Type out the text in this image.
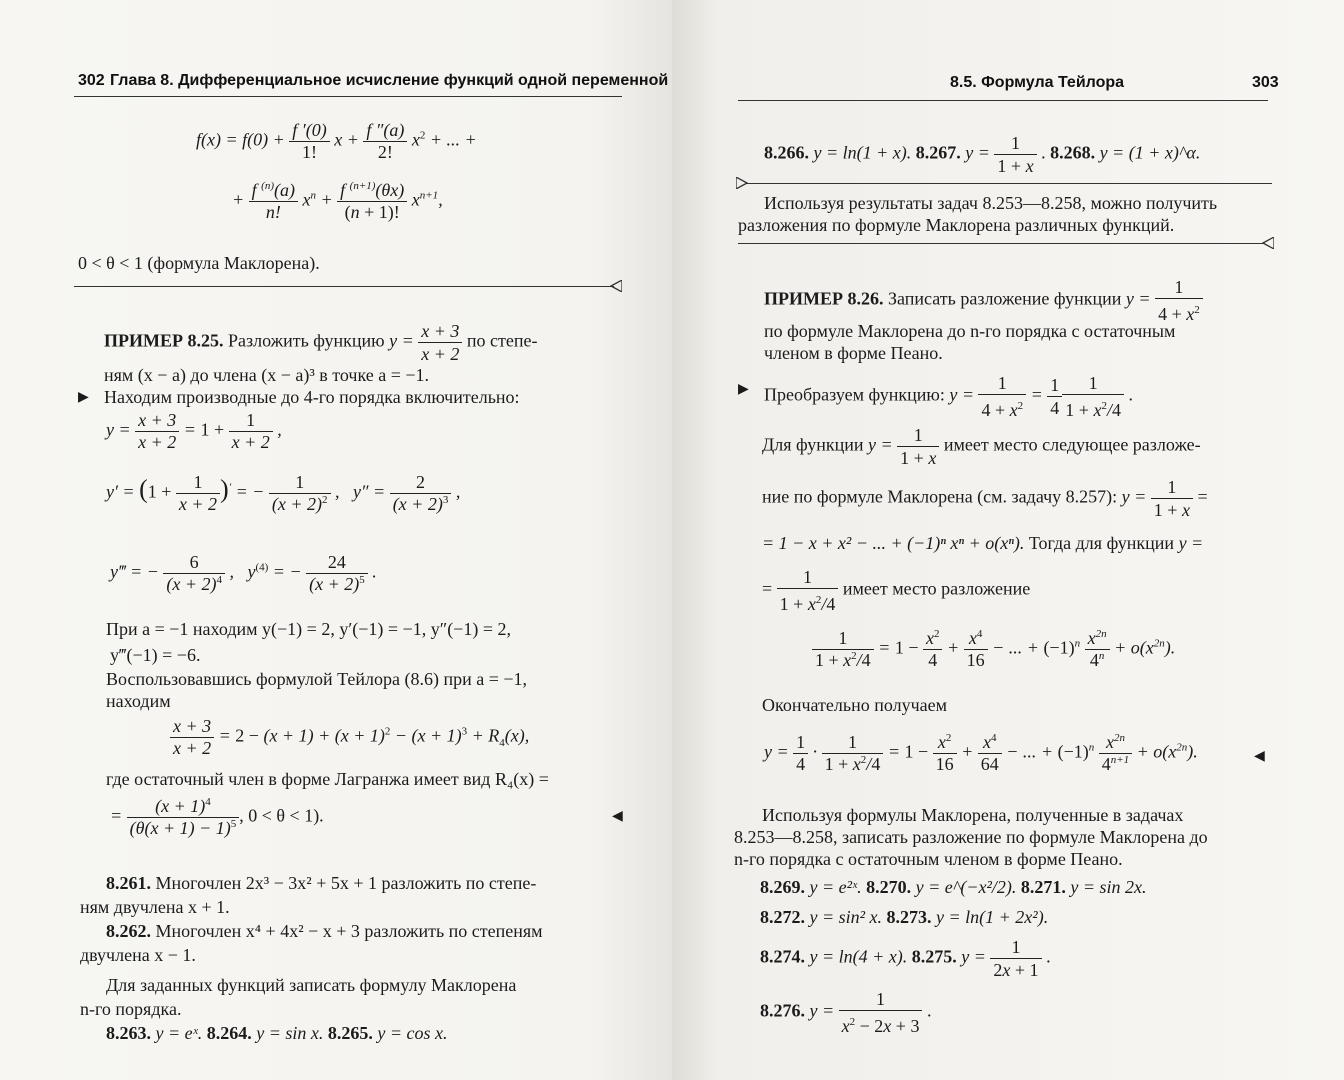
302 Глава 8. Дифференциальное исчисление функций одной переменной
$f(x) = f(0) + \frac{f '(0)}{1!}$ $x + \frac{f ''(a)}{2!} x^2$ + ... +
+ $\frac{f ^{(n)}(a)}{n!} x^n + \frac{f ^{(n+1)}(\theta x)}{(n + 1)!} x^{n+1}$,
0 < θ < 1 (формула Маклорена).
ПРИМЕР 8.25. Разложить функцию $y = \frac{x + 3}{x + 2}$ по степе-
ням (x − a) до члена (x − a)³ в точке a = −1.
▶ Находим производные до 4-го порядка включительно:
$y = \frac{x + 3}{x + 2} = 1 + \frac{1}{x + 2}$ ,
$y' = (1 + \frac{1}{x + 2} )'$ = − $\frac{1}{(x + 2)^2}$ ,   $y'' = \frac{2}{(x + 2)^3}$ ,
y‴ = − $\frac{6}{(x + 2)^4}$ ,   $y^{(4)}$ = − $\frac{24}{(x + 2)^5}$ .
При a = −1 находим y(−1) = 2, y′(−1) = −1, y″(−1) = 2,
y‴(−1) = −6.
Воспользовавшись формулой Тейлора (8.6) при a = −1,
находим
$\frac{x + 3}{x + 2} = 2 - (x + 1) + (x + 1)^2 - (x + 1)^3 + R_4(x)$,
где остаточный член в форме Лагранжа имеет вид R₄(x) =
= $\frac{(x + 1)^4}{(\theta(x + 1) - 1)^5}$ , 0 < θ < 1).	◀
8.261. Многочлен 2x³ − 3x² + 5x + 1 разложить по степе-
ням двучлена x + 1.
8.262. Многочлен x⁴ + 4x² − x + 3 разложить по степеням
двучлена x − 1.
Для заданных функций записать формулу Маклорена
n-го порядка.
8.263. y = eˣ. 8.264. y = sin x. 8.265. y = cos x.
8.5. Формула Тейлора	303
8.266. y = ln(1 + x). 8.267. $y = \frac{1}{1 + x}$ . 8.268. y = (1 + x)^α.
Используя результаты задач 8.253—8.258, можно получить
разложения по формуле Маклорена различных функций.
ПРИМЕР 8.26. Записать разложение функции $y = \frac{1}{4 + x^2}$
по формуле Маклорена до n-го порядка с остаточным
членом в форме Пеано.
▶ Преобразуем функцию: $y = \frac{1}{4 + x^2} = \frac{1}{4} \frac{1}{1 + x^2/4}$ .
Для функции $y = \frac{1}{1 + x}$ имеет место следующее разложе-
ние по формуле Маклорена (см. задачу 8.257): $y = \frac{1}{1 + x}$ =
= 1 − x + x² − ... + (−1)ⁿ xⁿ + o(xⁿ). Тогда для функции y =
= $\frac{1}{1 + x^2/4}$ имеет место разложение
$\frac{1}{1 + x^2/4} = 1 - \frac{x^2}{4} + \frac{x^4}{16}$ − ... + $(-1)^n \frac{x^{2n}}{4^n} + o(x^{2n})$.
Окончательно получаем
$y = \frac{1}{4} \cdot \frac{1}{1 + x^2/4} = 1 - \frac{x^2}{16} + \frac{x^4}{64}$ − ... + $(-1)^n \frac{x^{2n}}{4^{n+1}} + o(x^{2n})$.	◀
Используя формулы Маклорена, полученные в задачах
8.253—8.258, записать разложение по формуле Маклорена до
n-го порядка с остаточным членом в форме Пеано.
8.269. y = e²ˣ. 8.270. y = e^(−x²/2). 8.271. y = sin 2x.
8.272. y = sin² x. 8.273. y = ln(1 + 2x²).
8.274. y = ln(4 + x). 8.275. $y = \frac{1}{2x + 1}$ .
8.276. $y = \frac{1}{x^2 - 2x + 3}$ .
